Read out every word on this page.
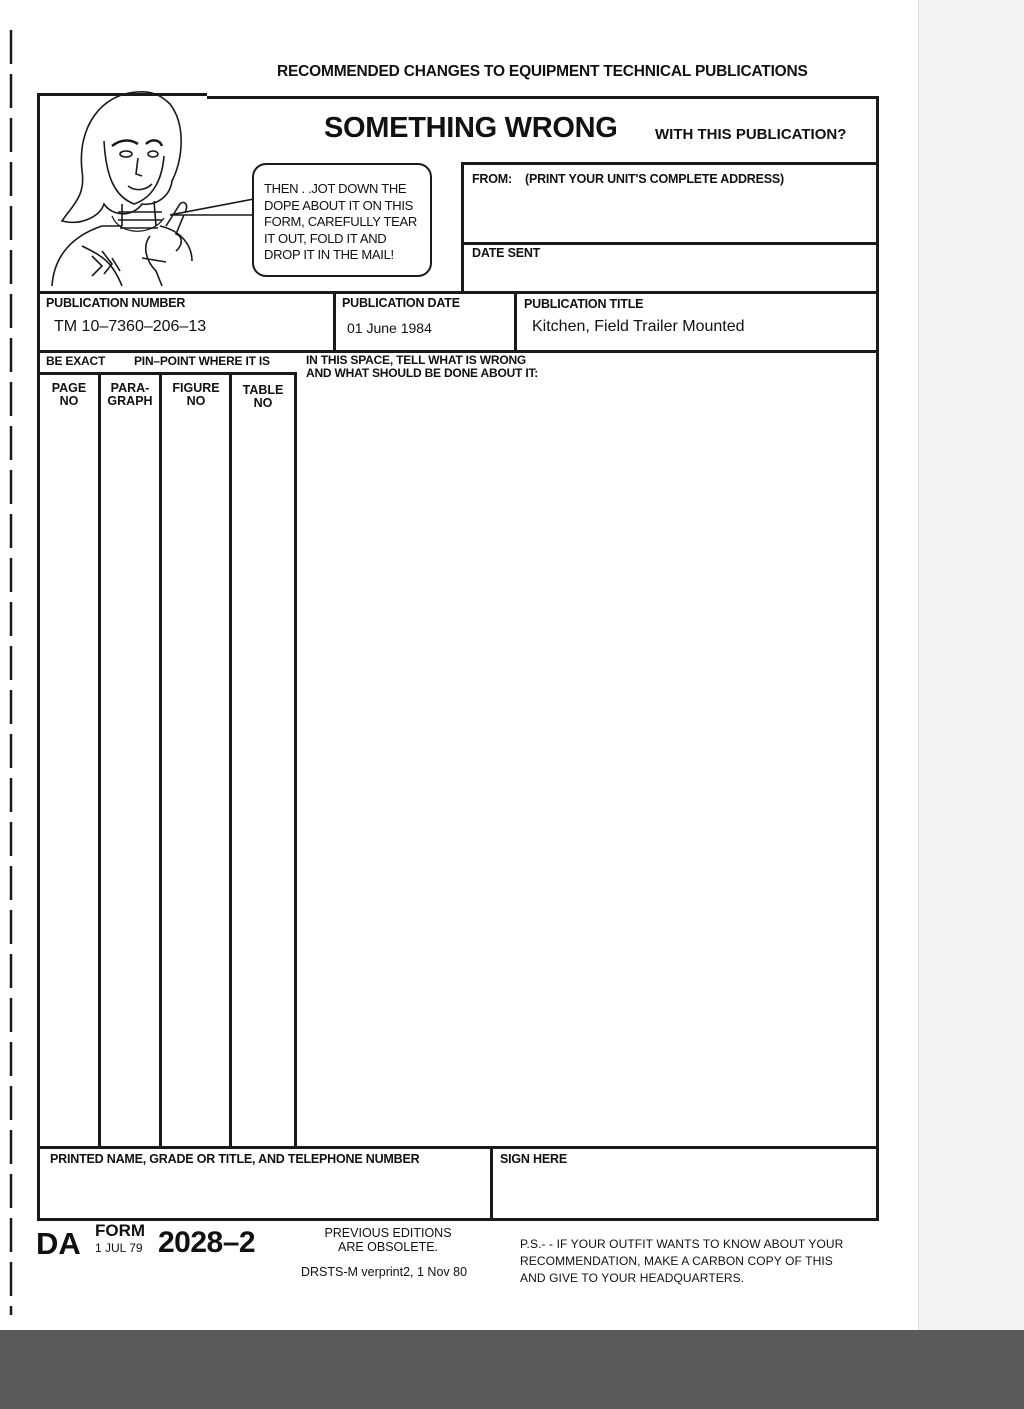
RECOMMENDED CHANGES TO EQUIPMENT TECHNICAL PUBLICATIONS
SOMETHING WRONG WITH THIS PUBLICATION?
THEN . .JOT DOWN THE
DOPE ABOUT IT ON THIS
FORM, CAREFULLY TEAR
IT OUT, FOLD IT AND
DROP IT IN THE MAIL!
FROM: (PRINT YOUR UNIT'S COMPLETE ADDRESS)
DATE SENT
PUBLICATION NUMBER
TM 10–7360–206–13
PUBLICATION DATE
01 June 1984
PUBLICATION TITLE
Kitchen, Field Trailer Mounted
BE EXACT PIN–POINT WHERE IT IS	IN THIS SPACE, TELL WHAT IS WRONG
AND WHAT SHOULD BE DONE ABOUT IT:
PAGE
NO
PARA-
GRAPH
FIGURE
NO
TABLE
NO
PRINTED NAME, GRADE OR TITLE, AND TELEPHONE NUMBER	SIGN HERE
DA FORM
1 JUL 79 2028–2	PREVIOUS EDITIONS
ARE OBSOLETE.
DRSTS-M verprint2, 1 Nov 80
P.S.- - IF YOUR OUTFIT WANTS TO KNOW ABOUT YOUR
RECOMMENDATION, MAKE A CARBON COPY OF THIS
AND GIVE TO YOUR HEADQUARTERS.
